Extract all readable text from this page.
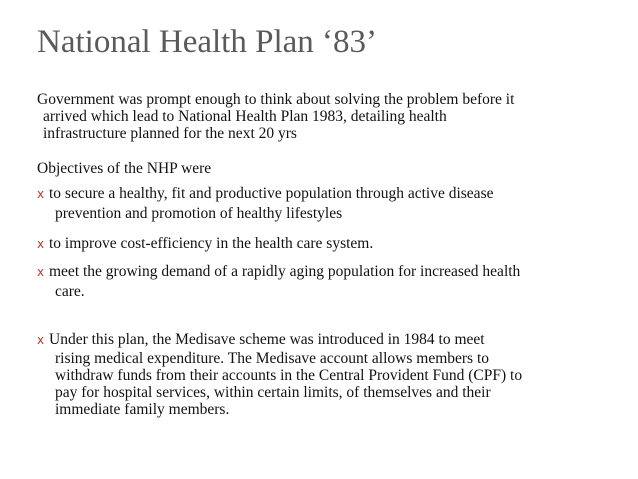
National Health Plan ‘83’
Government was prompt enough to think about solving the problem before it
arrived which lead to National Health Plan 1983, detailing health
infrastructure planned for the next 20 yrs
Objectives of the NHP were
x to secure a healthy, fit and productive population through active disease
prevention and promotion of healthy lifestyles
x to improve cost-efficiency in the health care system.
x meet the growing demand of a rapidly aging population for increased health
care.
x Under this plan, the Medisave scheme was introduced in 1984 to meet
rising medical expenditure. The Medisave account allows members to
withdraw funds from their accounts in the Central Provident Fund (CPF) to
pay for hospital services, within certain limits, of themselves and their
immediate family members.
